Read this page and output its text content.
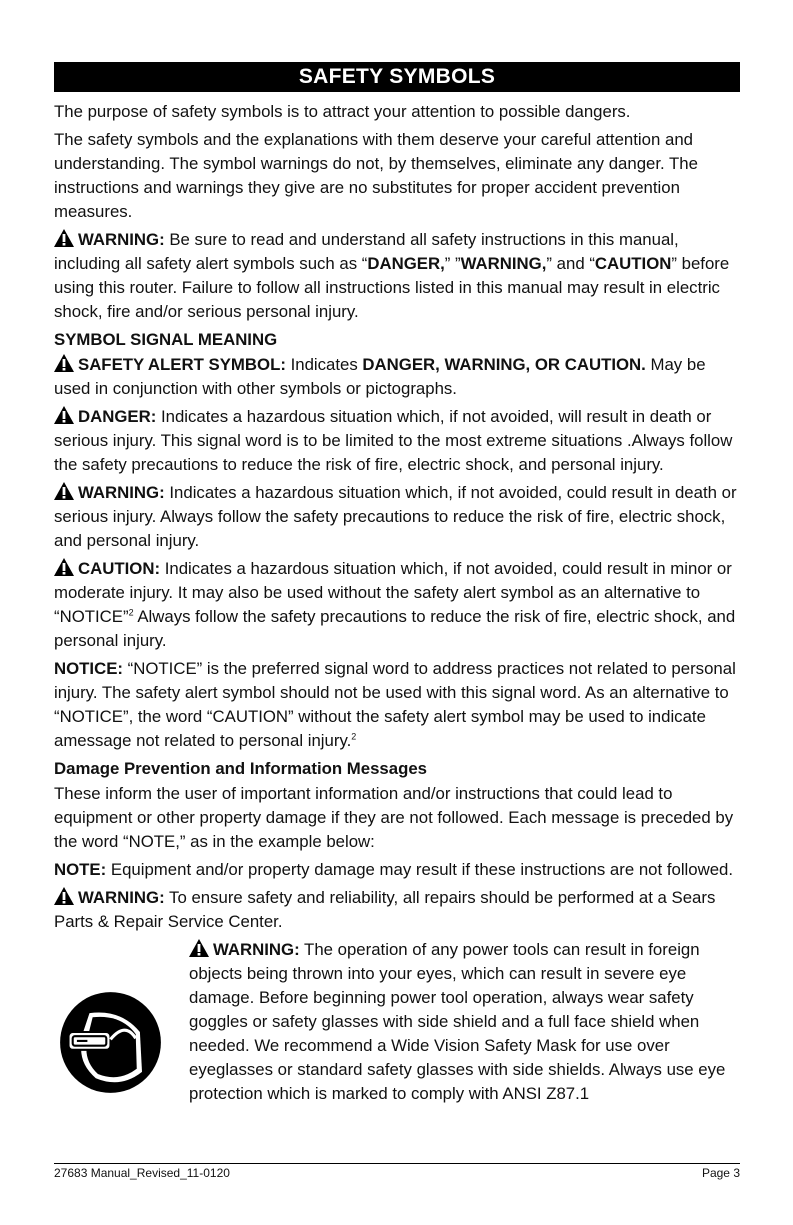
SAFETY SYMBOLS

The purpose of safety symbols is to attract your attention to possible dangers.

The safety symbols and the explanations with them deserve your careful attention and understanding. The symbol warnings do not, by themselves, eliminate any danger. The instructions and warnings they give are no substitutes for proper accident prevention measures.

WARNING: Be sure to read and understand all safety instructions in this manual, including all safety alert symbols such as “DANGER,” ”WARNING,” and “CAUTION” before using this router. Failure to follow all instructions listed in this manual may result in electric shock, fire and/or serious personal injury.

SYMBOL SIGNAL MEANING

SAFETY ALERT SYMBOL: Indicates DANGER, WARNING, OR CAUTION. May be used in conjunction with other symbols or pictographs.

DANGER: Indicates a hazardous situation which, if not avoided, will result in death or serious injury. This signal word is to be limited to the most extreme situations .Always follow the safety precautions to reduce the risk of fire, electric shock, and personal injury.

WARNING: Indicates a hazardous situation which, if not avoided, could result in death or serious injury. Always follow the safety precautions to reduce the risk of fire, electric shock, and personal injury.

CAUTION: Indicates a hazardous situation which, if not avoided, could result in minor or moderate injury. It may also be used without the safety alert symbol as an alternative to “NOTICE”$^2$ Always follow the safety precautions to reduce the risk of fire, electric shock, and personal injury.

NOTICE: “NOTICE” is the preferred signal word to address practices not related to personal injury. The safety alert symbol should not be used with this signal word. As an alternative to “NOTICE”, the word “CAUTION” without the safety alert symbol may be used to indicate amessage not related to personal injury.$^2$

Damage Prevention and Information Messages

These inform the user of important information and/or instructions that could lead to equipment or other property damage if they are not followed. Each message is preceded by the word “NOTE,” as in the example below:

NOTE: Equipment and/or property damage may result if these instructions are not followed.

WARNING: To ensure safety and reliability, all repairs should be performed at a Sears Parts & Repair Service Center.

WARNING: The operation of any power tools can result in foreign objects being thrown into your eyes, which can result in severe eye damage. Before beginning power tool operation, always wear safety goggles or safety glasses with side shield and a full face shield when needed. We recommend a Wide Vision Safety Mask for use over eyeglasses or standard safety glasses with side shields. Always use eye protection which is marked to comply with ANSI Z87.1

27683 Manual_Revised_11-0120	Page 3
